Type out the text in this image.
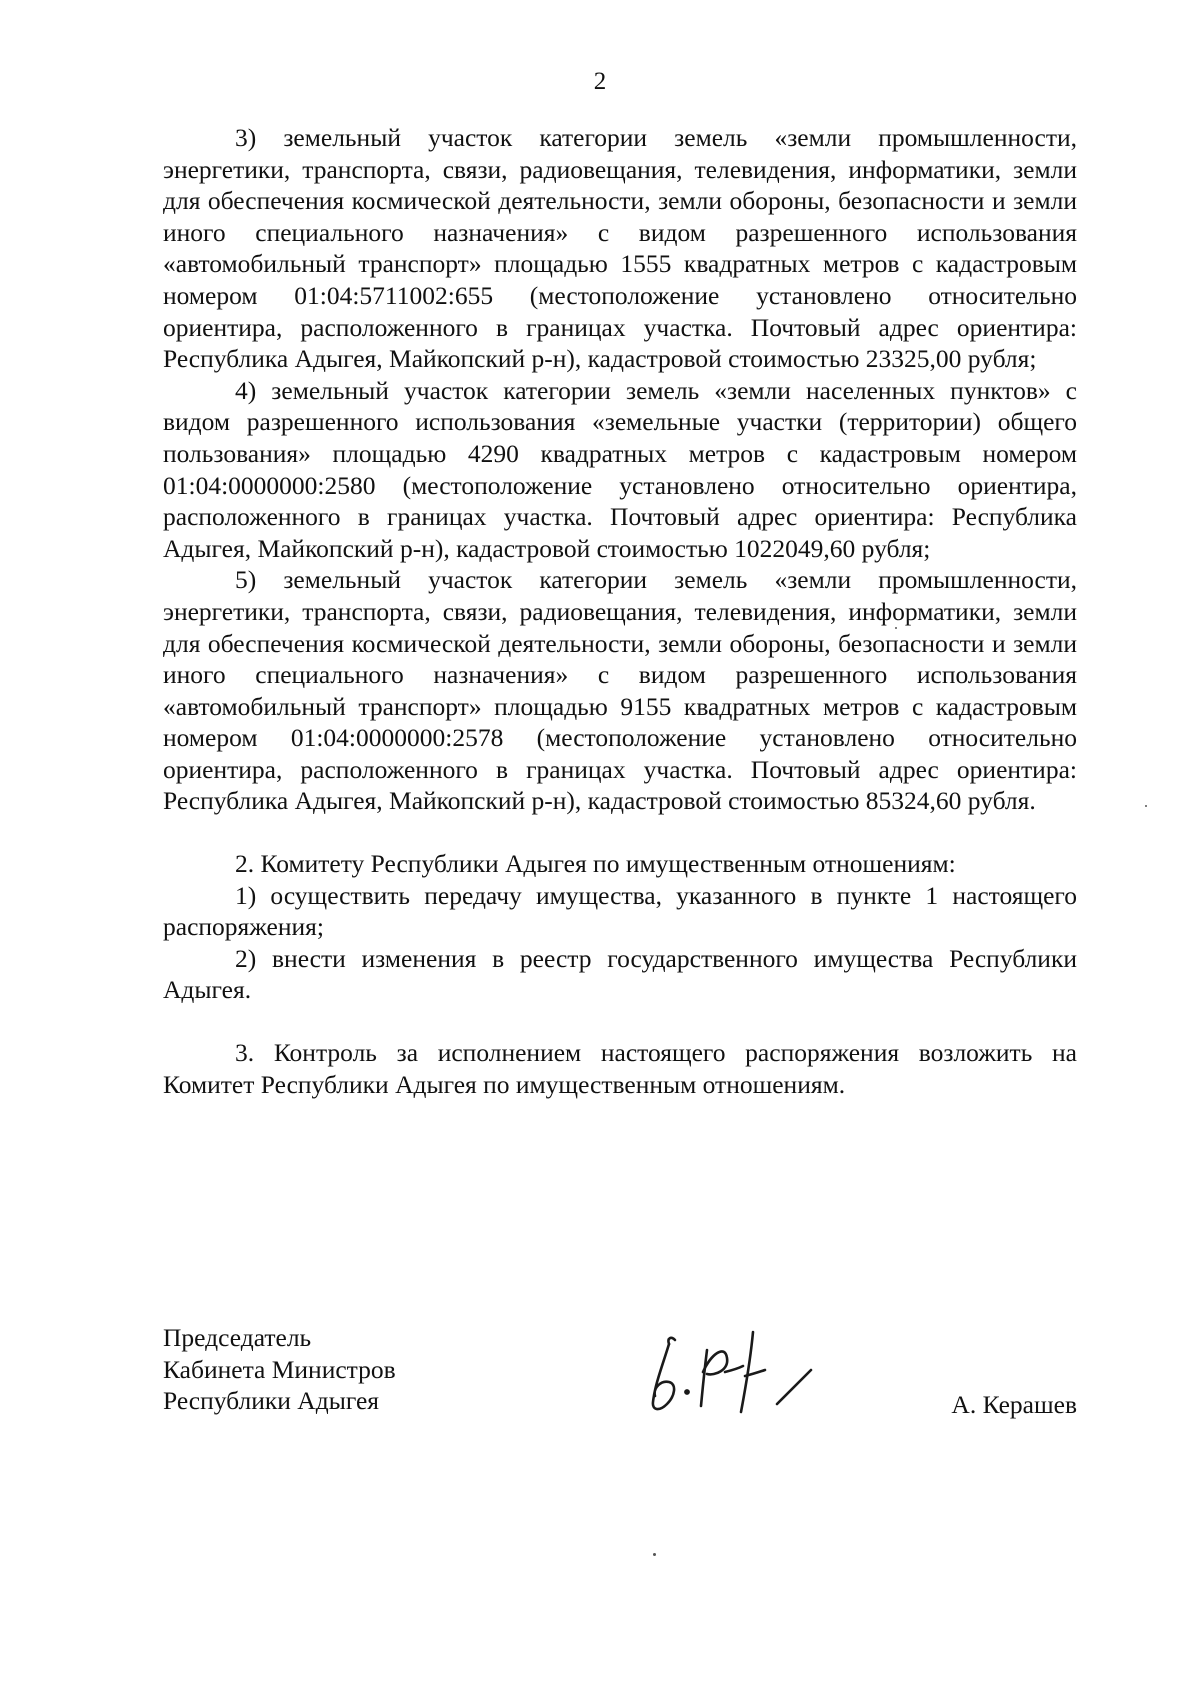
2

3) земельный участок категории земель «земли промышленности, энергетики, транспорта, связи, радиовещания, телевидения, информатики, земли для обеспечения космической деятельности, земли обороны, безопасности и земли иного специального назначения» с видом разрешенного использования «автомобильный транспорт» площадью 1555 квадратных метров с кадастровым номером 01:04:5711002:655 (местоположение установлено относительно ориентира, расположенного в границах участка. Почтовый адрес ориентира: Республика Адыгея, Майкопский р-н), кадастровой стоимостью 23325,00 рубля;

4) земельный участок категории земель «земли населенных пунктов» с видом разрешенного использования «земельные участки (территории) общего пользования» площадью 4290 квадратных метров с кадастровым номером 01:04:0000000:2580 (местоположение установлено относительно ориентира, расположенного в границах участка. Почтовый адрес ориентира: Республика Адыгея, Майкопский р-н), кадастровой стоимостью 1022049,60 рубля;

5) земельный участок категории земель «земли промышленности, энергетики, транспорта, связи, радиовещания, телевидения, информатики, земли для обеспечения космической деятельности, земли обороны, безопасности и земли иного специального назначения» с видом разрешенного использования «автомобильный транспорт» площадью 9155 квадратных метров с кадастровым номером 01:04:0000000:2578 (местоположение установлено относительно ориентира, расположенного в границах участка. Почтовый адрес ориентира: Республика Адыгея, Майкопский р-н), кадастровой стоимостью 85324,60 рубля.

2. Комитету Республики Адыгея по имущественным отношениям:

1) осуществить передачу имущества, указанного в пункте 1 настоящего распоряжения;

2) внести изменения в реестр государственного имущества Республики Адыгея.

3. Контроль за исполнением настоящего распоряжения возложить на Комитет Республики Адыгея по имущественным отношениям.

Председатель
Кабинета Министров
Республики Адыгея	А. Керашев
